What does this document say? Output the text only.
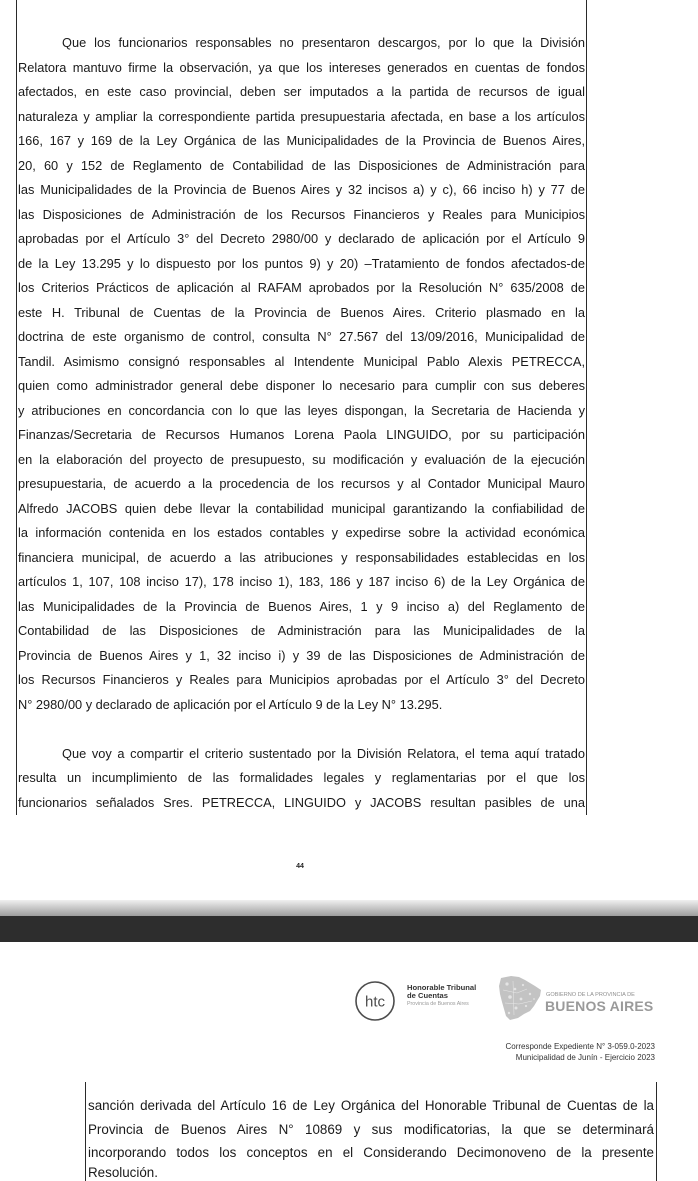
Que los funcionarios responsables no presentaron descargos, por lo que la División
Relatora mantuvo firme la observación, ya que los intereses generados en cuentas de fondos
afectados, en este caso provincial, deben ser imputados a la partida de recursos de igual
naturaleza y ampliar la correspondiente partida presupuestaria afectada, en base a los artículos
166, 167 y 169 de la Ley Orgánica de las Municipalidades de la Provincia de Buenos Aires,
20, 60 y 152 de Reglamento de Contabilidad de las Disposiciones de Administración para
las Municipalidades de la Provincia de Buenos Aires y 32 incisos a) y c), 66 inciso h) y 77 de
las Disposiciones de Administración de los Recursos Financieros y Reales para Municipios
aprobadas por el Artículo 3° del Decreto 2980/00 y declarado de aplicación por el Artículo 9
de la Ley 13.295 y lo dispuesto por los puntos 9) y 20) –Tratamiento de fondos afectados-de
los Criterios Prácticos de aplicación al RAFAM aprobados por la Resolución N° 635/2008 de
este H. Tribunal de Cuentas de la Provincia de Buenos Aires. Criterio plasmado en la
doctrina de este organismo de control, consulta N° 27.567 del 13/09/2016, Municipalidad de
Tandil. Asimismo consignó responsables al Intendente Municipal Pablo Alexis PETRECCA,
quien como administrador general debe disponer lo necesario para cumplir con sus deberes
y atribuciones en concordancia con lo que las leyes dispongan, la Secretaria de Hacienda y
Finanzas/Secretaria de Recursos Humanos Lorena Paola LINGUIDO, por su participación
en la elaboración del proyecto de presupuesto, su modificación y evaluación de la ejecución
presupuestaria, de acuerdo a la procedencia de los recursos y al Contador Municipal Mauro
Alfredo JACOBS quien debe llevar la contabilidad municipal garantizando la confiabilidad de
la información contenida en los estados contables y expedirse sobre la actividad económica
financiera municipal, de acuerdo a las atribuciones y responsabilidades establecidas en los
artículos 1, 107, 108 inciso 17), 178 inciso 1), 183, 186 y 187 inciso 6) de la Ley Orgánica de
las Municipalidades de la Provincia de Buenos Aires, 1 y 9 inciso a) del Reglamento de
Contabilidad de las Disposiciones de Administración para las Municipalidades de la
Provincia de Buenos Aires y 1, 32 inciso i) y 39 de las Disposiciones de Administración de
los Recursos Financieros y Reales para Municipios aprobadas por el Artículo 3° del Decreto
N° 2980/00 y declarado de aplicación por el Artículo 9 de la Ley N° 13.295.
Que voy a compartir el criterio sustentado por la División Relatora, el tema aquí tratado
resulta un incumplimiento de las formalidades legales y reglamentarias por el que los
funcionarios señalados Sres. PETRECCA, LINGUIDO y JACOBS resultan pasibles de una
44
htc
Honorable Tribunal
de Cuentas
Provincia de Buenos Aires
GOBIERNO DE LA PROVINCIA DE
BUENOS AIRES
Corresponde Expediente N° 3-059.0-2023
Municipalidad de Junín - Ejercicio 2023
sanción derivada del Artículo 16 de Ley Orgánica del Honorable Tribunal de Cuentas de la
Provincia de Buenos Aires N° 10869 y sus modificatorias, la que se determinará
incorporando todos los conceptos en el Considerando Decimonoveno de la presente
Resolución.
